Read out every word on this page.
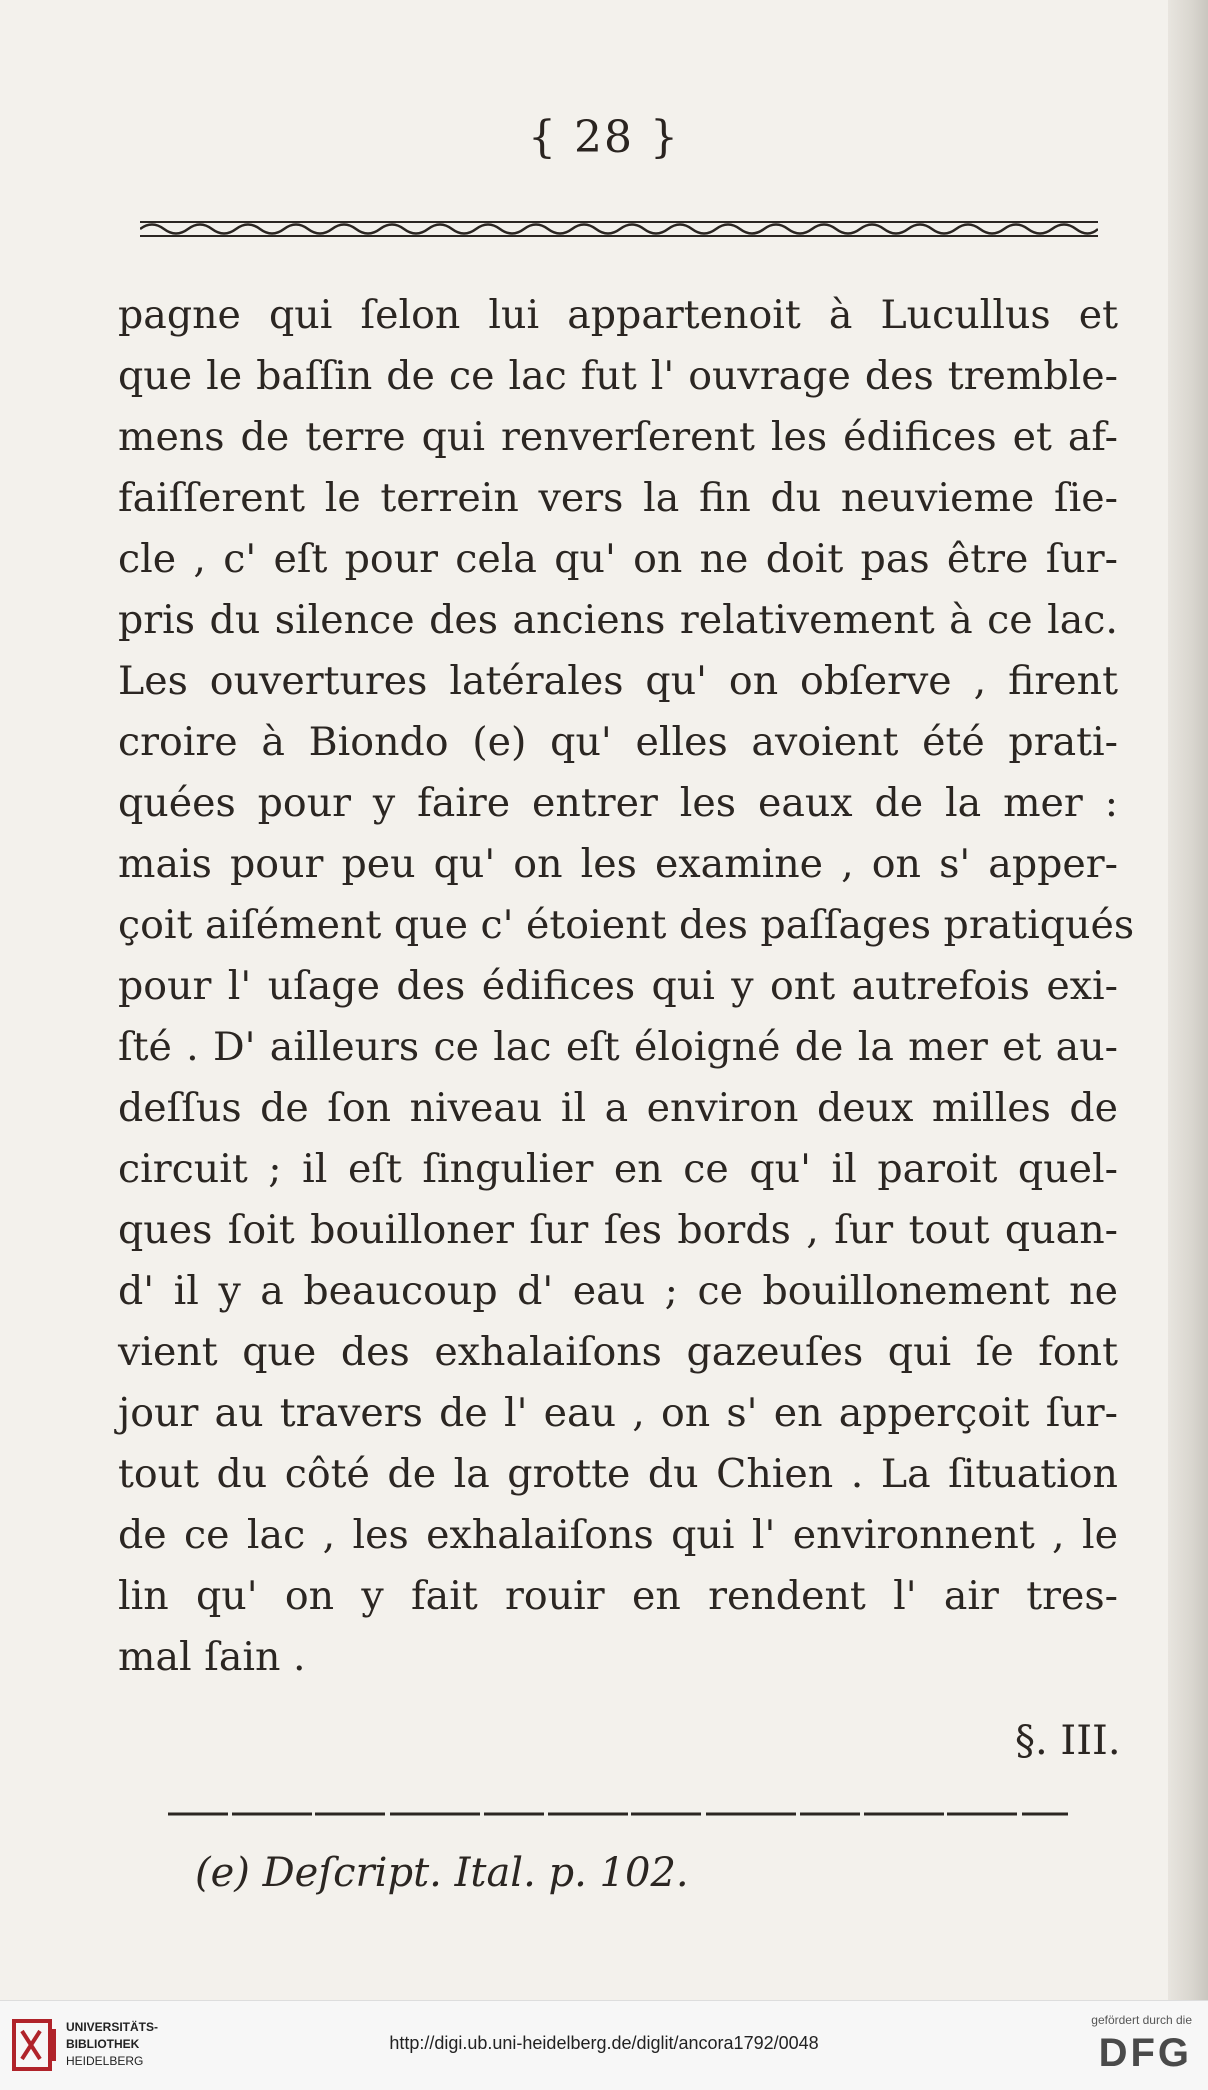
{ 28 }
pagne qui ſelon lui appartenoit à Lucullus et
que le baſſin de ce lac fut l' ouvrage des tremble-
mens de terre qui renverſerent les édifices et af-
faiſſerent le terrein vers la fin du neuvieme ſie-
cle , c' eſt pour cela qu' on ne doit pas être ſur-
pris du silence des anciens relativement à ce lac.
Les ouvertures latérales qu' on obſerve , firent
croire à Biondo (e) qu' elles avoient été prati-
quées pour y faire entrer les eaux de la mer :
mais pour peu qu' on les examine , on s' apper-
çoit aiſément que c' étoient des paſſages pratiqués
pour l' uſage des édifices qui y ont autrefois exi-
ſté . D' ailleurs ce lac eſt éloigné de la mer et au-
deſſus de ſon niveau il a environ deux milles de
circuit ; il eſt ſingulier en ce qu' il paroit quel-
ques ſoit bouilloner ſur ſes bords , ſur tout quan-
d' il y a beaucoup d' eau ; ce bouillonement ne
vient que des exhalaiſons gazeuſes qui ſe font
jour au travers de l' eau , on s' en apperçoit ſur-
tout du côté de la grotte du Chien . La ſituation
de ce lac , les exhalaiſons qui l' environnent , le
lin qu' on y fait rouir en rendent l' air tres-
mal ſain .
§. III.
(e) Deſcript. Ital. p. 102.
UNIVERSITÄTS-
BIBLIOTHEK
HEIDELBERG
http://digi.ub.uni-heidelberg.de/diglit/ancora1792/0048
gefördert durch die
DFG
